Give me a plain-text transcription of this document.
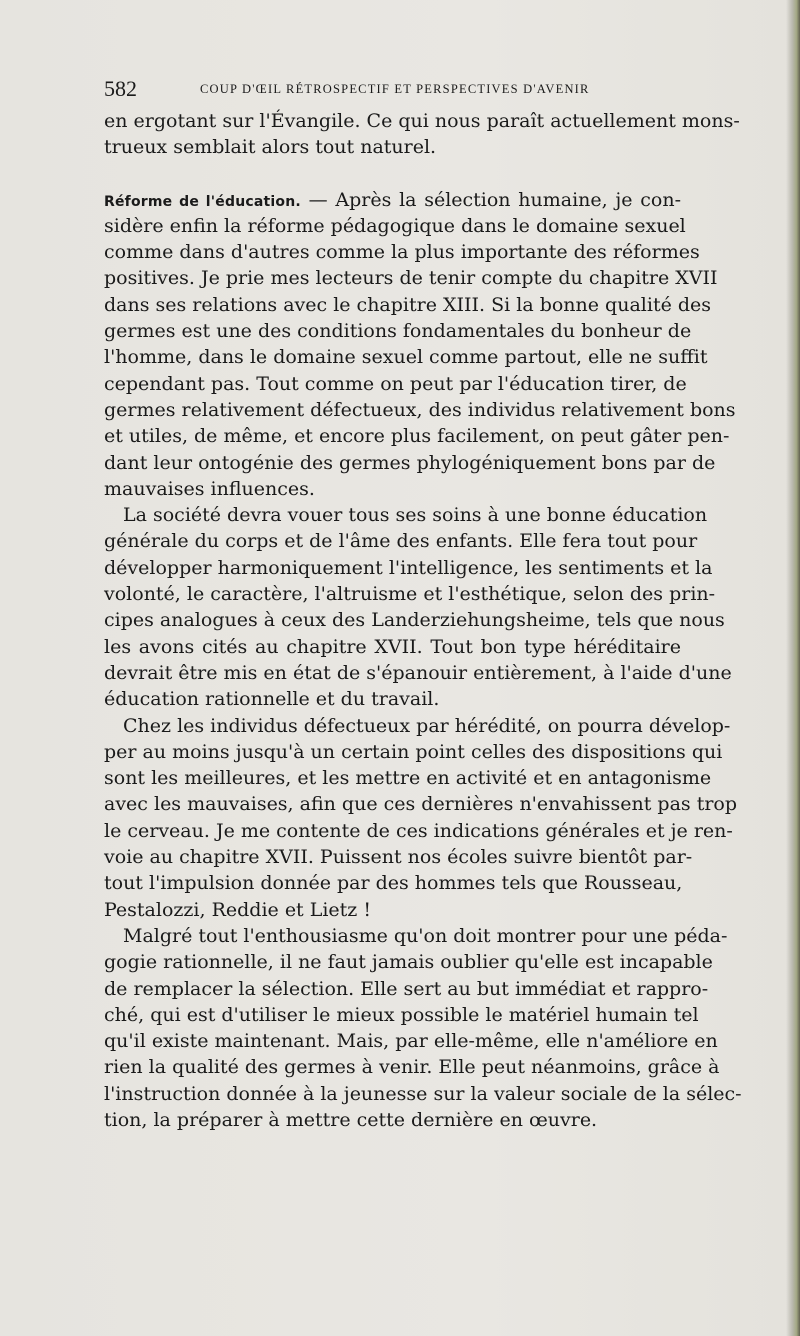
582	COUP D'ŒIL RÉTROSPECTIF ET PERSPECTIVES D'AVENIR
en ergotant sur l'Évangile. Ce qui nous paraît actuellement mons-
trueux semblait alors tout naturel.
Réforme de l'éducation. — Après la sélection humaine, je con-
sidère enfin la réforme pédagogique dans le domaine sexuel
comme dans d'autres comme la plus importante des réformes
positives. Je prie mes lecteurs de tenir compte du chapitre XVII
dans ses relations avec le chapitre XIII. Si la bonne qualité des
germes est une des conditions fondamentales du bonheur de
l'homme, dans le domaine sexuel comme partout, elle ne suffit
cependant pas. Tout comme on peut par l'éducation tirer, de
germes relativement défectueux, des individus relativement bons
et utiles, de même, et encore plus facilement, on peut gâter pen-
dant leur ontogénie des germes phylogéniquement bons par de
mauvaises influences.
La société devra vouer tous ses soins à une bonne éducation
générale du corps et de l'âme des enfants. Elle fera tout pour
développer harmoniquement l'intelligence, les sentiments et la
volonté, le caractère, l'altruisme et l'esthétique, selon des prin-
cipes analogues à ceux des Landerziehungsheime, tels que nous
les avons cités au chapitre XVII. Tout bon type héréditaire
devrait être mis en état de s'épanouir entièrement, à l'aide d'une
éducation rationnelle et du travail.
Chez les individus défectueux par hérédité, on pourra dévelop-
per au moins jusqu'à un certain point celles des dispositions qui
sont les meilleures, et les mettre en activité et en antagonisme
avec les mauvaises, afin que ces dernières n'envahissent pas trop
le cerveau. Je me contente de ces indications générales et je ren-
voie au chapitre XVII. Puissent nos écoles suivre bientôt par-
tout l'impulsion donnée par des hommes tels que Rousseau,
Pestalozzi, Reddie et Lietz !
Malgré tout l'enthousiasme qu'on doit montrer pour une péda-
gogie rationnelle, il ne faut jamais oublier qu'elle est incapable
de remplacer la sélection. Elle sert au but immédiat et rappro-
ché, qui est d'utiliser le mieux possible le matériel humain tel
qu'il existe maintenant. Mais, par elle-même, elle n'améliore en
rien la qualité des germes à venir. Elle peut néanmoins, grâce à
l'instruction donnée à la jeunesse sur la valeur sociale de la sélec-
tion, la préparer à mettre cette dernière en œuvre.
